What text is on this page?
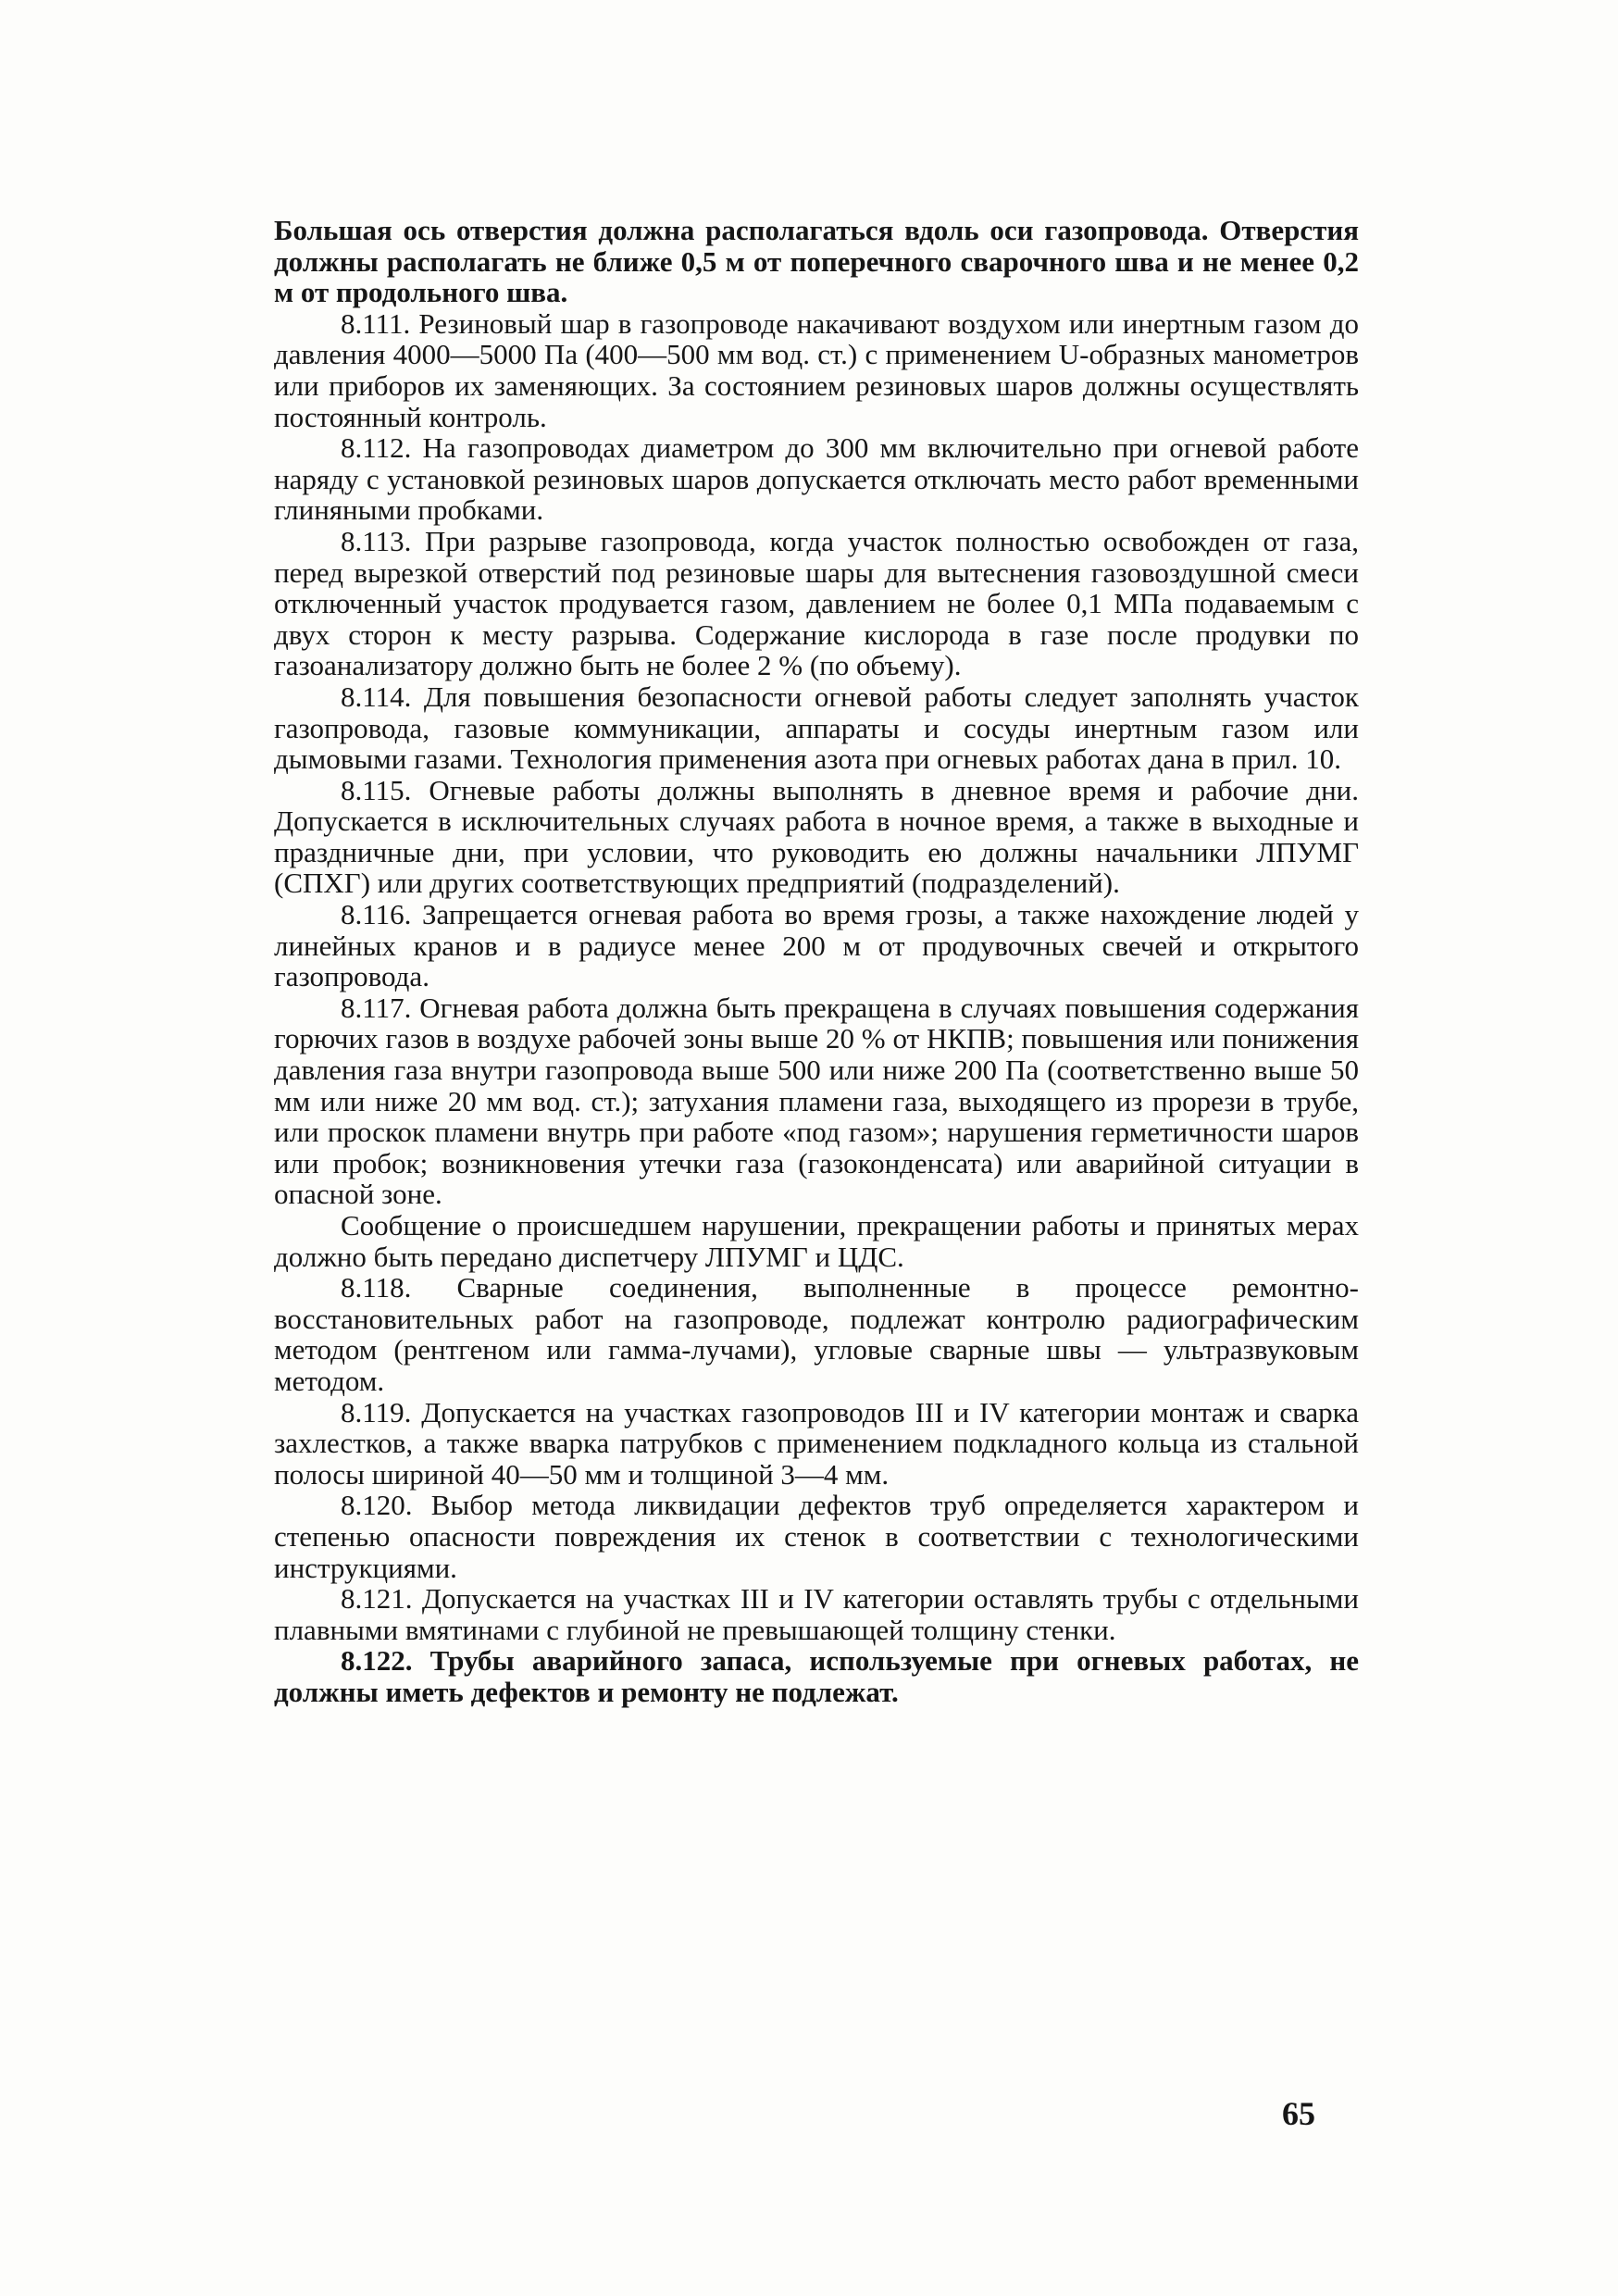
Большая ось отверстия должна располагаться вдоль оси газопровода. Отверстия должны располагать не ближе 0,5 м от поперечного сварочного шва и не менее 0,2 м от продольного шва.

8.111. Резиновый шар в газопроводе накачивают воздухом или инертным газом до давления 4000—5000 Па (400—500 мм вод. ст.) с применением U-образных манометров или приборов их заменяющих. За состоянием резиновых шаров должны осуществлять постоянный контроль.

8.112. На газопроводах диаметром до 300 мм включительно при огневой работе наряду с установкой резиновых шаров допускается отключать место работ временными глиняными пробками.

8.113. При разрыве газопровода, когда участок полностью освобожден от газа, перед вырезкой отверстий под резиновые шары для вытеснения газовоздушной смеси отключенный участок продувается газом, давлением не более 0,1 МПа подаваемым с двух сторон к месту разрыва. Содержание кислорода в газе после продувки по газоанализатору должно быть не более 2 % (по объему).

8.114. Для повышения безопасности огневой работы следует заполнять участок газопровода, газовые коммуникации, аппараты и сосуды инертным газом или дымовыми газами. Технология применения азота при огневых работах дана в прил. 10.

8.115. Огневые работы должны выполнять в дневное время и рабочие дни. Допускается в исключительных случаях работа в ночное время, а также в выходные и праздничные дни, при условии, что руководить ею должны начальники ЛПУМГ (СПХГ) или других соответствующих предприятий (подразделений).

8.116. Запрещается огневая работа во время грозы, а также нахождение людей у линейных кранов и в радиусе менее 200 м от продувочных свечей и открытого газопровода.

8.117. Огневая работа должна быть прекращена в случаях повышения содержания горючих газов в воздухе рабочей зоны выше 20 % от НКПВ; повышения или понижения давления газа внутри газопровода выше 500 или ниже 200 Па (соответственно выше 50 мм или ниже 20 мм вод. ст.); затухания пламени газа, выходящего из прорези в трубе, или проскок пламени внутрь при работе «под газом»; нарушения герметичности шаров или пробок; возникновения утечки газа (газоконденсата) или аварийной ситуации в опасной зоне.

Сообщение о происшедшем нарушении, прекращении работы и принятых мерах должно быть передано диспетчеру ЛПУМГ и ЦДС.

8.118. Сварные соединения, выполненные в процессе ремонтно-восстановительных работ на газопроводе, подлежат контролю радиографическим методом (рентгеном или гамма-лучами), угловые сварные швы — ультразвуковым методом.

8.119. Допускается на участках газопроводов III и IV категории монтаж и сварка захлестков, а также вварка патрубков с применением подкладного кольца из стальной полосы шириной 40—50 мм и толщиной 3—4 мм.

8.120. Выбор метода ликвидации дефектов труб определяется характером и степенью опасности повреждения их стенок в соответствии с технологическими инструкциями.

8.121. Допускается на участках III и IV категории оставлять трубы с отдельными плавными вмятинами с глубиной не превышающей толщину стенки.

8.122. Трубы аварийного запаса, используемые при огневых работах, не должны иметь дефектов и ремонту не подлежат.

65
